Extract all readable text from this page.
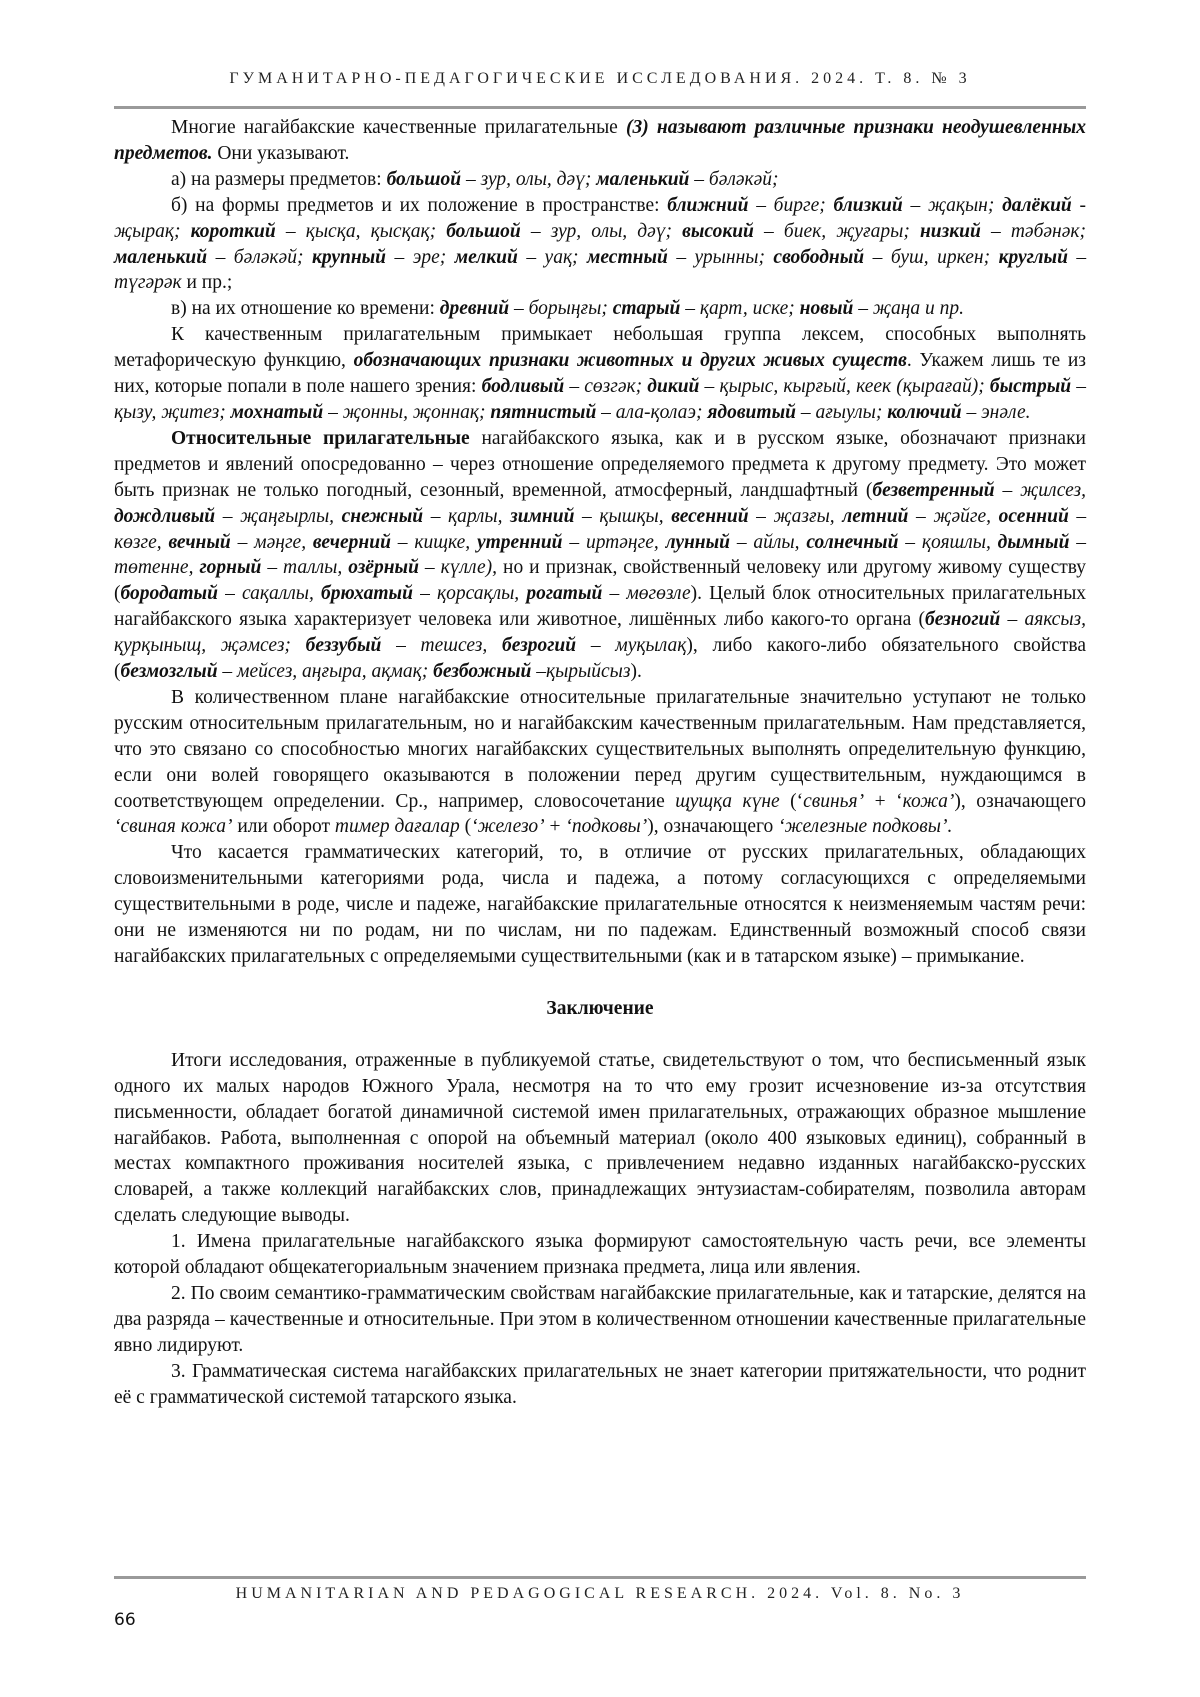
ГУМАНИТАРНО-ПЕДАГОГИЧЕСКИЕ ИССЛЕДОВАНИЯ. 2024. Т. 8. № 3

Многие нагайбакские качественные прилагательные (3) называют различные признаки неодушевленных предметов. Они указывают.

а) на размеры предметов: большой – зур, олы, дәү; маленький – бәләкәй;

б) на формы предметов и их положение в пространстве: ближний – бирге; близкий – җақын; далёкий - җырақ; короткий – қысқа, қысқақ; большой – зур, олы, дәү; высокий – биек, җуғары; низкий – тәбәнәк; маленький – бәләкәй; крупный – эре; мелкий – уақ; местный – урынны; свободный – буш, иркен; круглый – түгәрәк и пр.;

в) на их отношение ко времени: древний – борыңғы; старый – қарт, иске; новый – җаңа и пр.

К качественным прилагательным примыкает небольшая группа лексем, способных выполнять метафорическую функцию, обозначающих признаки животных и других живых существ. Укажем лишь те из них, которые попали в поле нашего зрения: бодливый – сөзгәк; дикий – қырыс, кырғый, кеек (қырағай); быстрый – қызу, җитез; мохнатый – җонны, җоннақ; пятнистый – ала-қолаэ; ядовитый – ағыулы; колючий – энәле.

Относительные прилагательные нагайбакского языка, как и в русском языке, обозначают признаки предметов и явлений опосредованно – через отношение определяемого предмета к другому предмету. Это может быть признак не только погодный, сезонный, временной, атмосферный, ландшафтный (безветренный – җилсез, дождливый – җаңғырлы, снежный – қарлы, зимний – қышқы, весенний – җазғы, летний – җәйге, осенний – көзге, вечный – мәңге, вечерний – кищке, утренний – иртәңге, лунный – айлы, солнечный – қояшлы, дымный – төтенне, горный – таллы, озёрный – күлле), но и признак, свойственный человеку или другому живому существу (бородатый – сақаллы, брюхатый – қорсақлы, рогатый – мөгөзле). Целый блок относительных прилагательных нагайбакского языка характеризует человека или животное, лишённых либо какого-то органа (безногий – аяксыз, қурқыныщ, җәмсез; беззубый – тешсез, безрогий – муқылақ), либо какого-либо обязательного свойства (безмозглый – мейсез, аңғыра, ақмақ; безбожный –қырыйсыз).

В количественном плане нагайбакские относительные прилагательные значительно уступают не только русским относительным прилагательным, но и нагайбакским качественным прилагательным. Нам представляется, что это связано со способностью многих нагайбакских существительных выполнять определительную функцию, если они волей говорящего оказываются в положении перед другим существительным, нуждающимся в соответствующем определении. Ср., например, словосочетание щущқа күне (‘свинья’ + ‘кожа’), означающего ‘свиная кожа’ или оборот тимер дағалар (‘железо’ + ‘подковы’), означающего ‘железные подковы’.

Что касается грамматических категорий, то, в отличие от русских прилагательных, обладающих словоизменительными категориями рода, числа и падежа, а потому согласующихся с определяемыми существительными в роде, числе и падеже, нагайбакские прилагательные относятся к неизменяемым частям речи: они не изменяются ни по родам, ни по числам, ни по падежам. Единственный возможный способ связи нагайбакских прилагательных с определяемыми существительными (как и в татарском языке) – примыкание.

Заключение

Итоги исследования, отраженные в публикуемой статье, свидетельствуют о том, что бесписьменный язык одного их малых народов Южного Урала, несмотря на то что ему грозит исчезновение из-за отсутствия письменности, обладает богатой динамичной системой имен прилагательных, отражающих образное мышление нагайбаков. Работа, выполненная с опорой на объемный материал (около 400 языковых единиц), собранный в местах компактного проживания носителей языка, с привлечением недавно изданных нагайбакско-русских словарей, а также коллекций нагайбакских слов, принадлежащих энтузиастам-собирателям, позволила авторам сделать следующие выводы.

1. Имена прилагательные нагайбакского языка формируют самостоятельную часть речи, все элементы которой обладают общекатегориальным значением признака предмета, лица или явления.

2. По своим семантико-грамматическим свойствам нагайбакские прилагательные, как и татарские, делятся на два разряда – качественные и относительные. При этом в количественном отношении качественные прилагательные явно лидируют.

3. Грамматическая система нагайбакских прилагательных не знает категории притяжательности, что роднит её с грамматической системой татарского языка.

HUMANITARIAN AND PEDAGOGICAL RESEARCH. 2024. Vol. 8. No. 3
66
